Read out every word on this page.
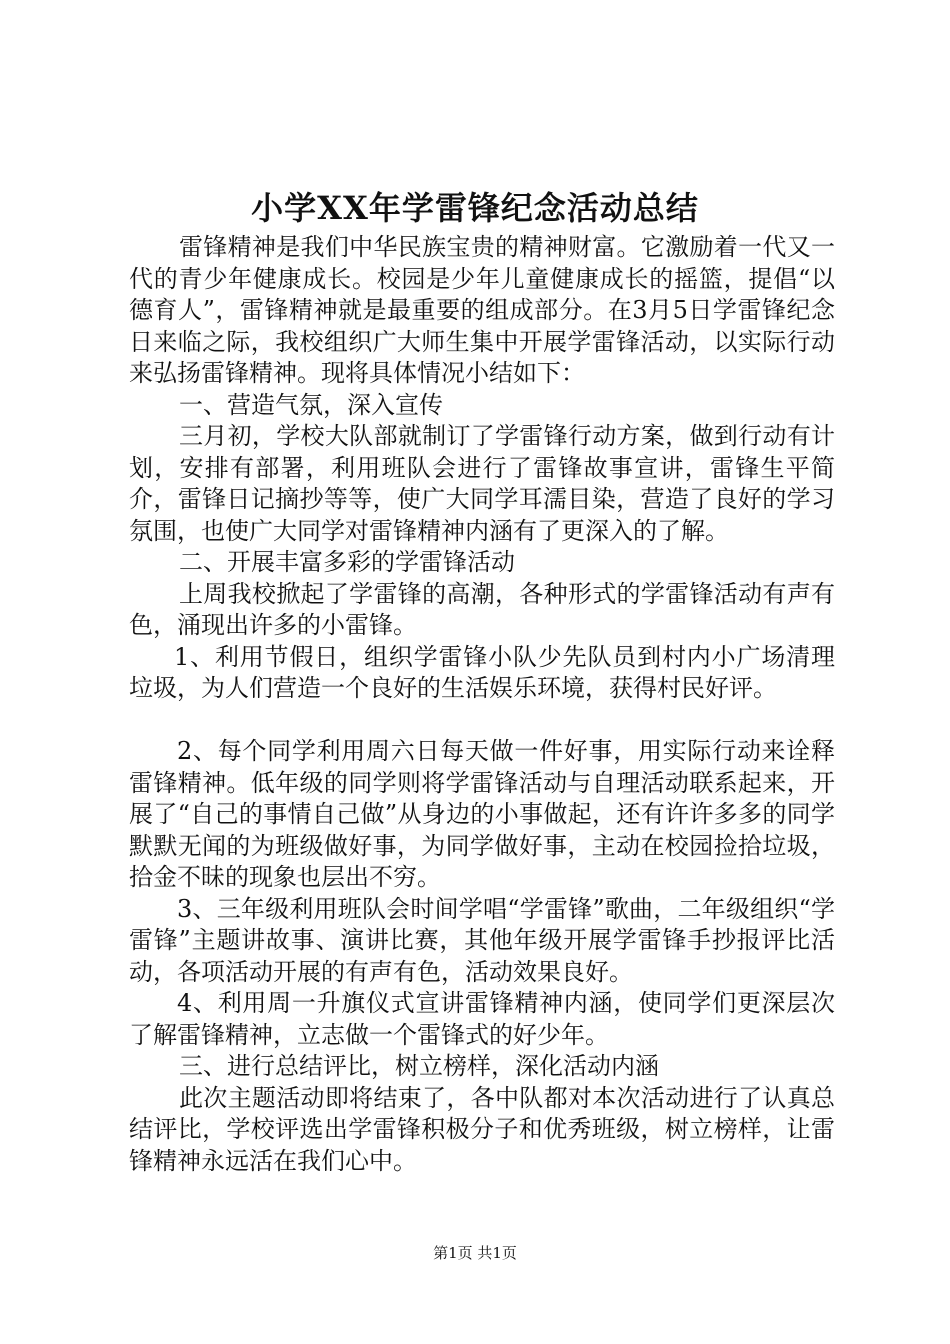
小学XX年学雷锋纪念活动总结

雷锋精神是我们中华民族宝贵的精神财富。它激励着一代又一代的青少年健康成长。校园是少年儿童健康成长的摇篮，提倡“以德育人”，雷锋精神就是最重要的组成部分。在3月5日学雷锋纪念日来临之际，我校组织广大师生集中开展学雷锋活动，以实际行动来弘扬雷锋精神。现将具体情况小结如下：

一、营造气氛，深入宣传

三月初，学校大队部就制订了学雷锋行动方案，做到行动有计划，安排有部署，利用班队会进行了雷锋故事宣讲，雷锋生平简介，雷锋日记摘抄等等，使广大同学耳濡目染，营造了良好的学习氛围，也使广大同学对雷锋精神内涵有了更深入的了解。

二、开展丰富多彩的学雷锋活动

上周我校掀起了学雷锋的高潮，各种形式的学雷锋活动有声有色，涌现出许多的小雷锋。

1、利用节假日，组织学雷锋小队少先队员到村内小广场清理垃圾，为人们营造一个良好的生活娱乐环境，获得村民好评。

2、每个同学利用周六日每天做一件好事，用实际行动来诠释雷锋精神。低年级的同学则将学雷锋活动与自理活动联系起来，开展了“自己的事情自己做”从身边的小事做起，还有许许多多的同学默默无闻的为班级做好事，为同学做好事，主动在校园捡拾垃圾，拾金不昧的现象也层出不穷。

3、三年级利用班队会时间学唱“学雷锋”歌曲，二年级组织“学雷锋”主题讲故事、演讲比赛，其他年级开展学雷锋手抄报评比活动，各项活动开展的有声有色，活动效果良好。

4、利用周一升旗仪式宣讲雷锋精神内涵，使同学们更深层次了解雷锋精神，立志做一个雷锋式的好少年。

三、进行总结评比，树立榜样，深化活动内涵

此次主题活动即将结束了，各中队都对本次活动进行了认真总结评比，学校评选出学雷锋积极分子和优秀班级，树立榜样，让雷锋精神永远活在我们心中。

第1页 共1页
